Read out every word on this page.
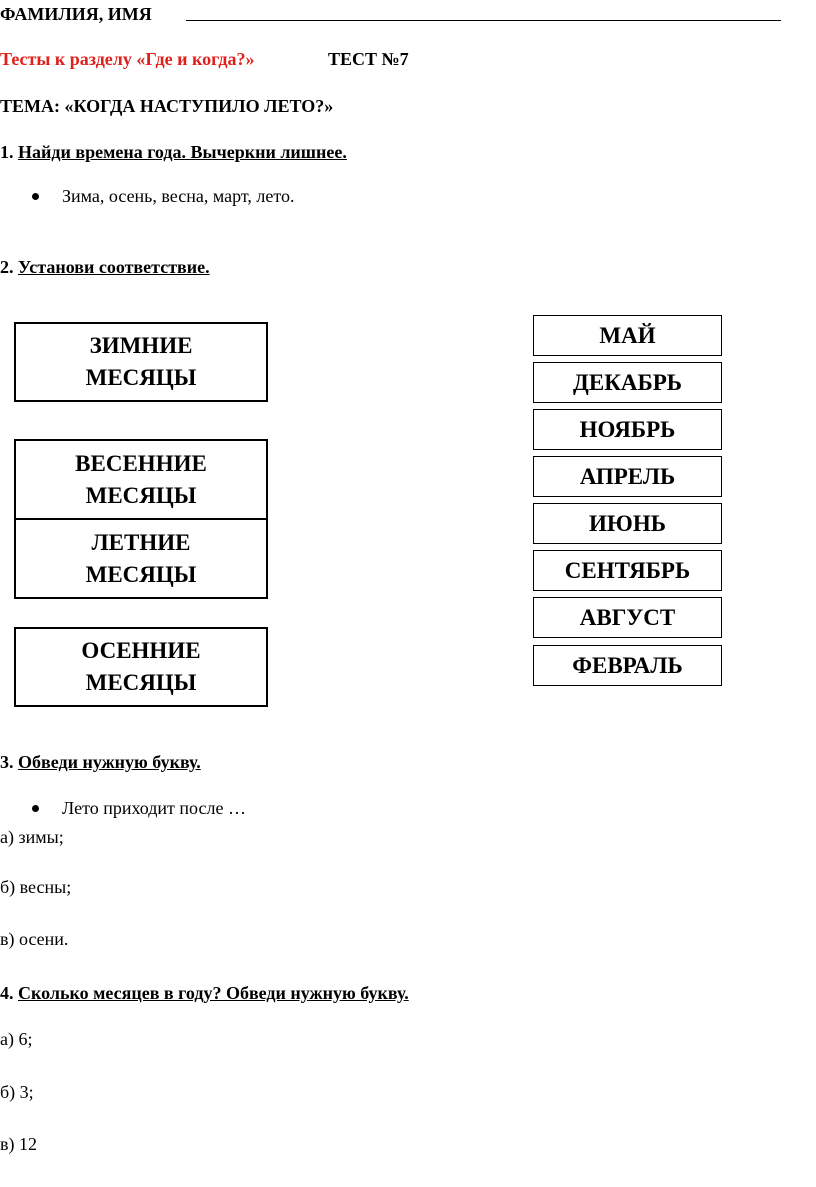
ФАМИЛИЯ, ИМЯ
Тесты к разделу «Где и когда?»	ТЕСТ №7
ТЕМА: «КОГДА НАСТУПИЛО ЛЕТО?»
1. Найди времена года. Вычеркни лишнее.
Зима, осень, весна, март, лето.
2. Установи соответствие.
ЗИМНИЕ
МЕСЯЦЫ
ВЕСЕННИЕ
МЕСЯЦЫ
ЛЕТНИЕ
МЕСЯЦЫ
ОСЕННИЕ
МЕСЯЦЫ
МАЙ
ДЕКАБРЬ
НОЯБРЬ
АПРЕЛЬ
ИЮНЬ
СЕНТЯБРЬ
АВГУСТ
ФЕВРАЛЬ
3. Обведи нужную букву.
Лето приходит после …
а) зимы;
б) весны;
в) осени.
4. Сколько месяцев в году? Обведи нужную букву.
а) 6;
б) 3;
в) 12
